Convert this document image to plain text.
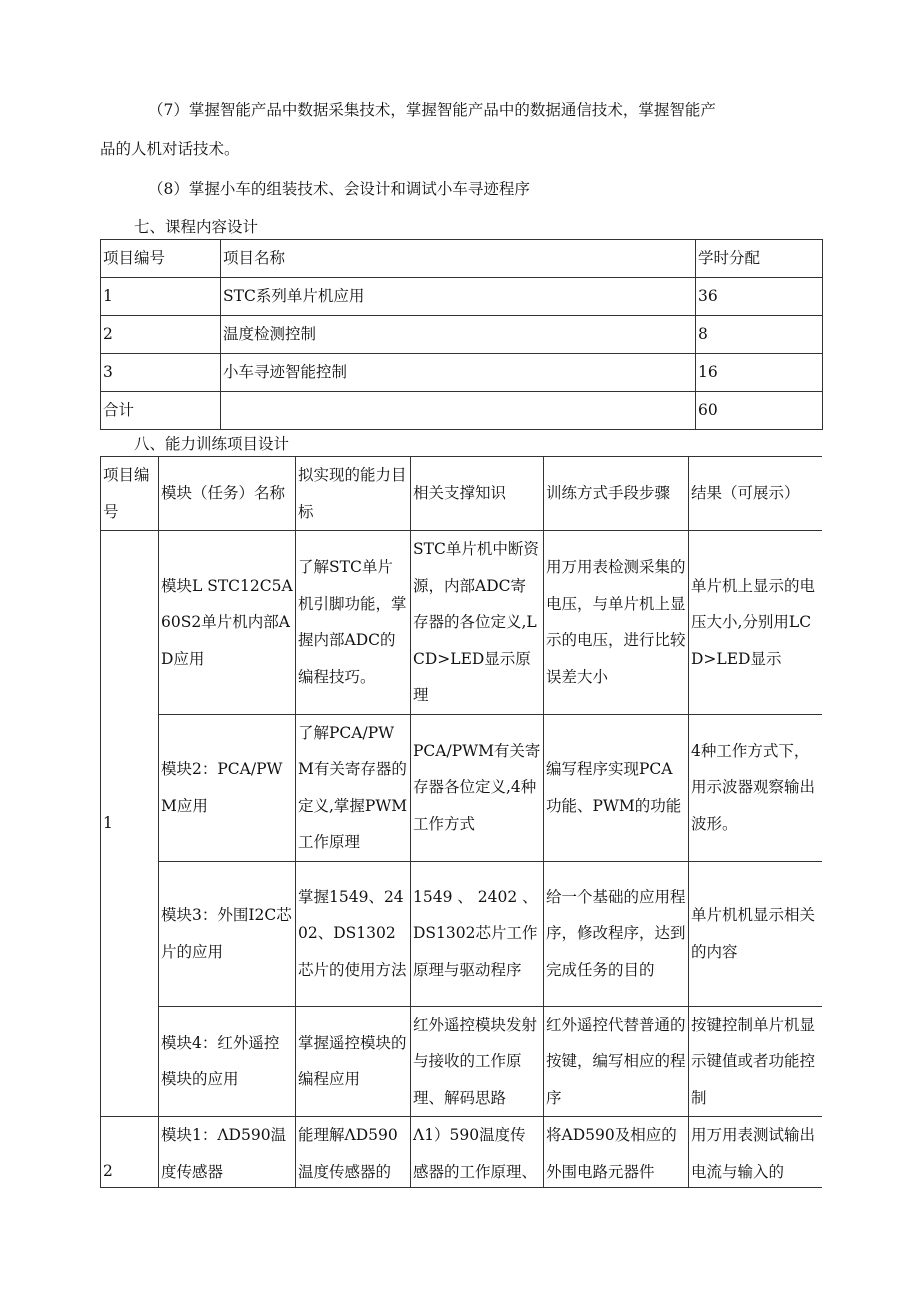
（7）掌握智能产品中数据采集技术，掌握智能产品中的数据通信技术，掌握智能产
品的人机对话技术。
（8）掌握小车的组装技术、会设计和调试小车寻迹程序
七、课程内容设计
项目编号	项目名称	学时分配
1	STC系列单片机应用	36
2	温度检测控制	8
3	小车寻迹智能控制	16
合计		60
八、能力训练项目设计
项目编号	模块（任务）名称	拟实现的能力目标	相关支撑知识	训练方式手段步骤	结果（可展示）
1	模块L STC12C5A60S2单片机内部AD应用	了解STC单片机引脚功能，掌握内部ADC的编程技巧。	STC单片机中断资源，内部ADC寄存器的各位定义,LCD>LED显示原理	用万用表检测采集的电压，与单片机上显示的电压，进行比较误差大小	单片机上显示的电压大小,分别用LCD>LED显示
	模块2：PCA/PWM应用	了解PCA/PWM有关寄存器的定义,掌握PWM工作原理	PCA/PWM有关寄存器各位定义,4种工作方式	编写程序实现PCA功能、PWM的功能	4种工作方式下，用示波器观察输出波形。
	模块3：外围I2C芯片的应用	掌握1549、2402、DS1302芯片的使用方法	1549 、 2402 、DS1302芯片工作原理与驱动程序	给一个基础的应用程序，修改程序，达到完成任务的目的	单片机机显示相关的内容
	模块4：红外遥控模块的应用	掌握遥控模块的编程应用	红外遥控模块发射与接收的工作原理、解码思路	红外遥控代替普通的按键，编写相应的程序	按键控制单片机显示键值或者功能控制
2	模块1：ΛD590温度传感器	能理解ΛD590温度传感器的	Λ1）590温度传感器的工作原理、	将AD590及相应的外围电路元器件	用万用表测试输出电流与输入的
